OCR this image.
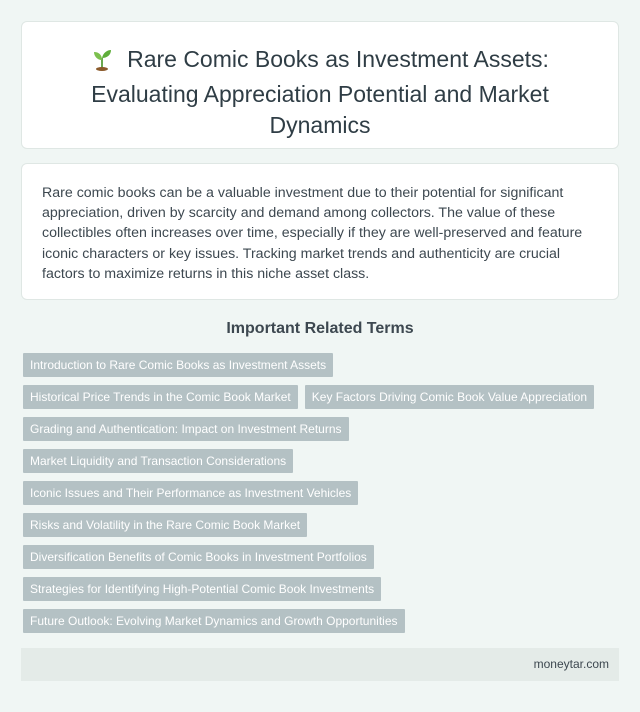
Rare Comic Books as Investment Assets: Evaluating Appreciation Potential and Market Dynamics

Rare comic books can be a valuable investment due to their potential for significant appreciation, driven by scarcity and demand among collectors. The value of these collectibles often increases over time, especially if they are well-preserved and feature iconic characters or key issues. Tracking market trends and authenticity are crucial factors to maximize returns in this niche asset class.

Important Related Terms
Introduction to Rare Comic Books as Investment Assets
Historical Price Trends in the Comic Book Market	Key Factors Driving Comic Book Value Appreciation
Grading and Authentication: Impact on Investment Returns
Market Liquidity and Transaction Considerations
Iconic Issues and Their Performance as Investment Vehicles
Risks and Volatility in the Rare Comic Book Market
Diversification Benefits of Comic Books in Investment Portfolios
Strategies for Identifying High-Potential Comic Book Investments
Future Outlook: Evolving Market Dynamics and Growth Opportunities
moneytar.com
